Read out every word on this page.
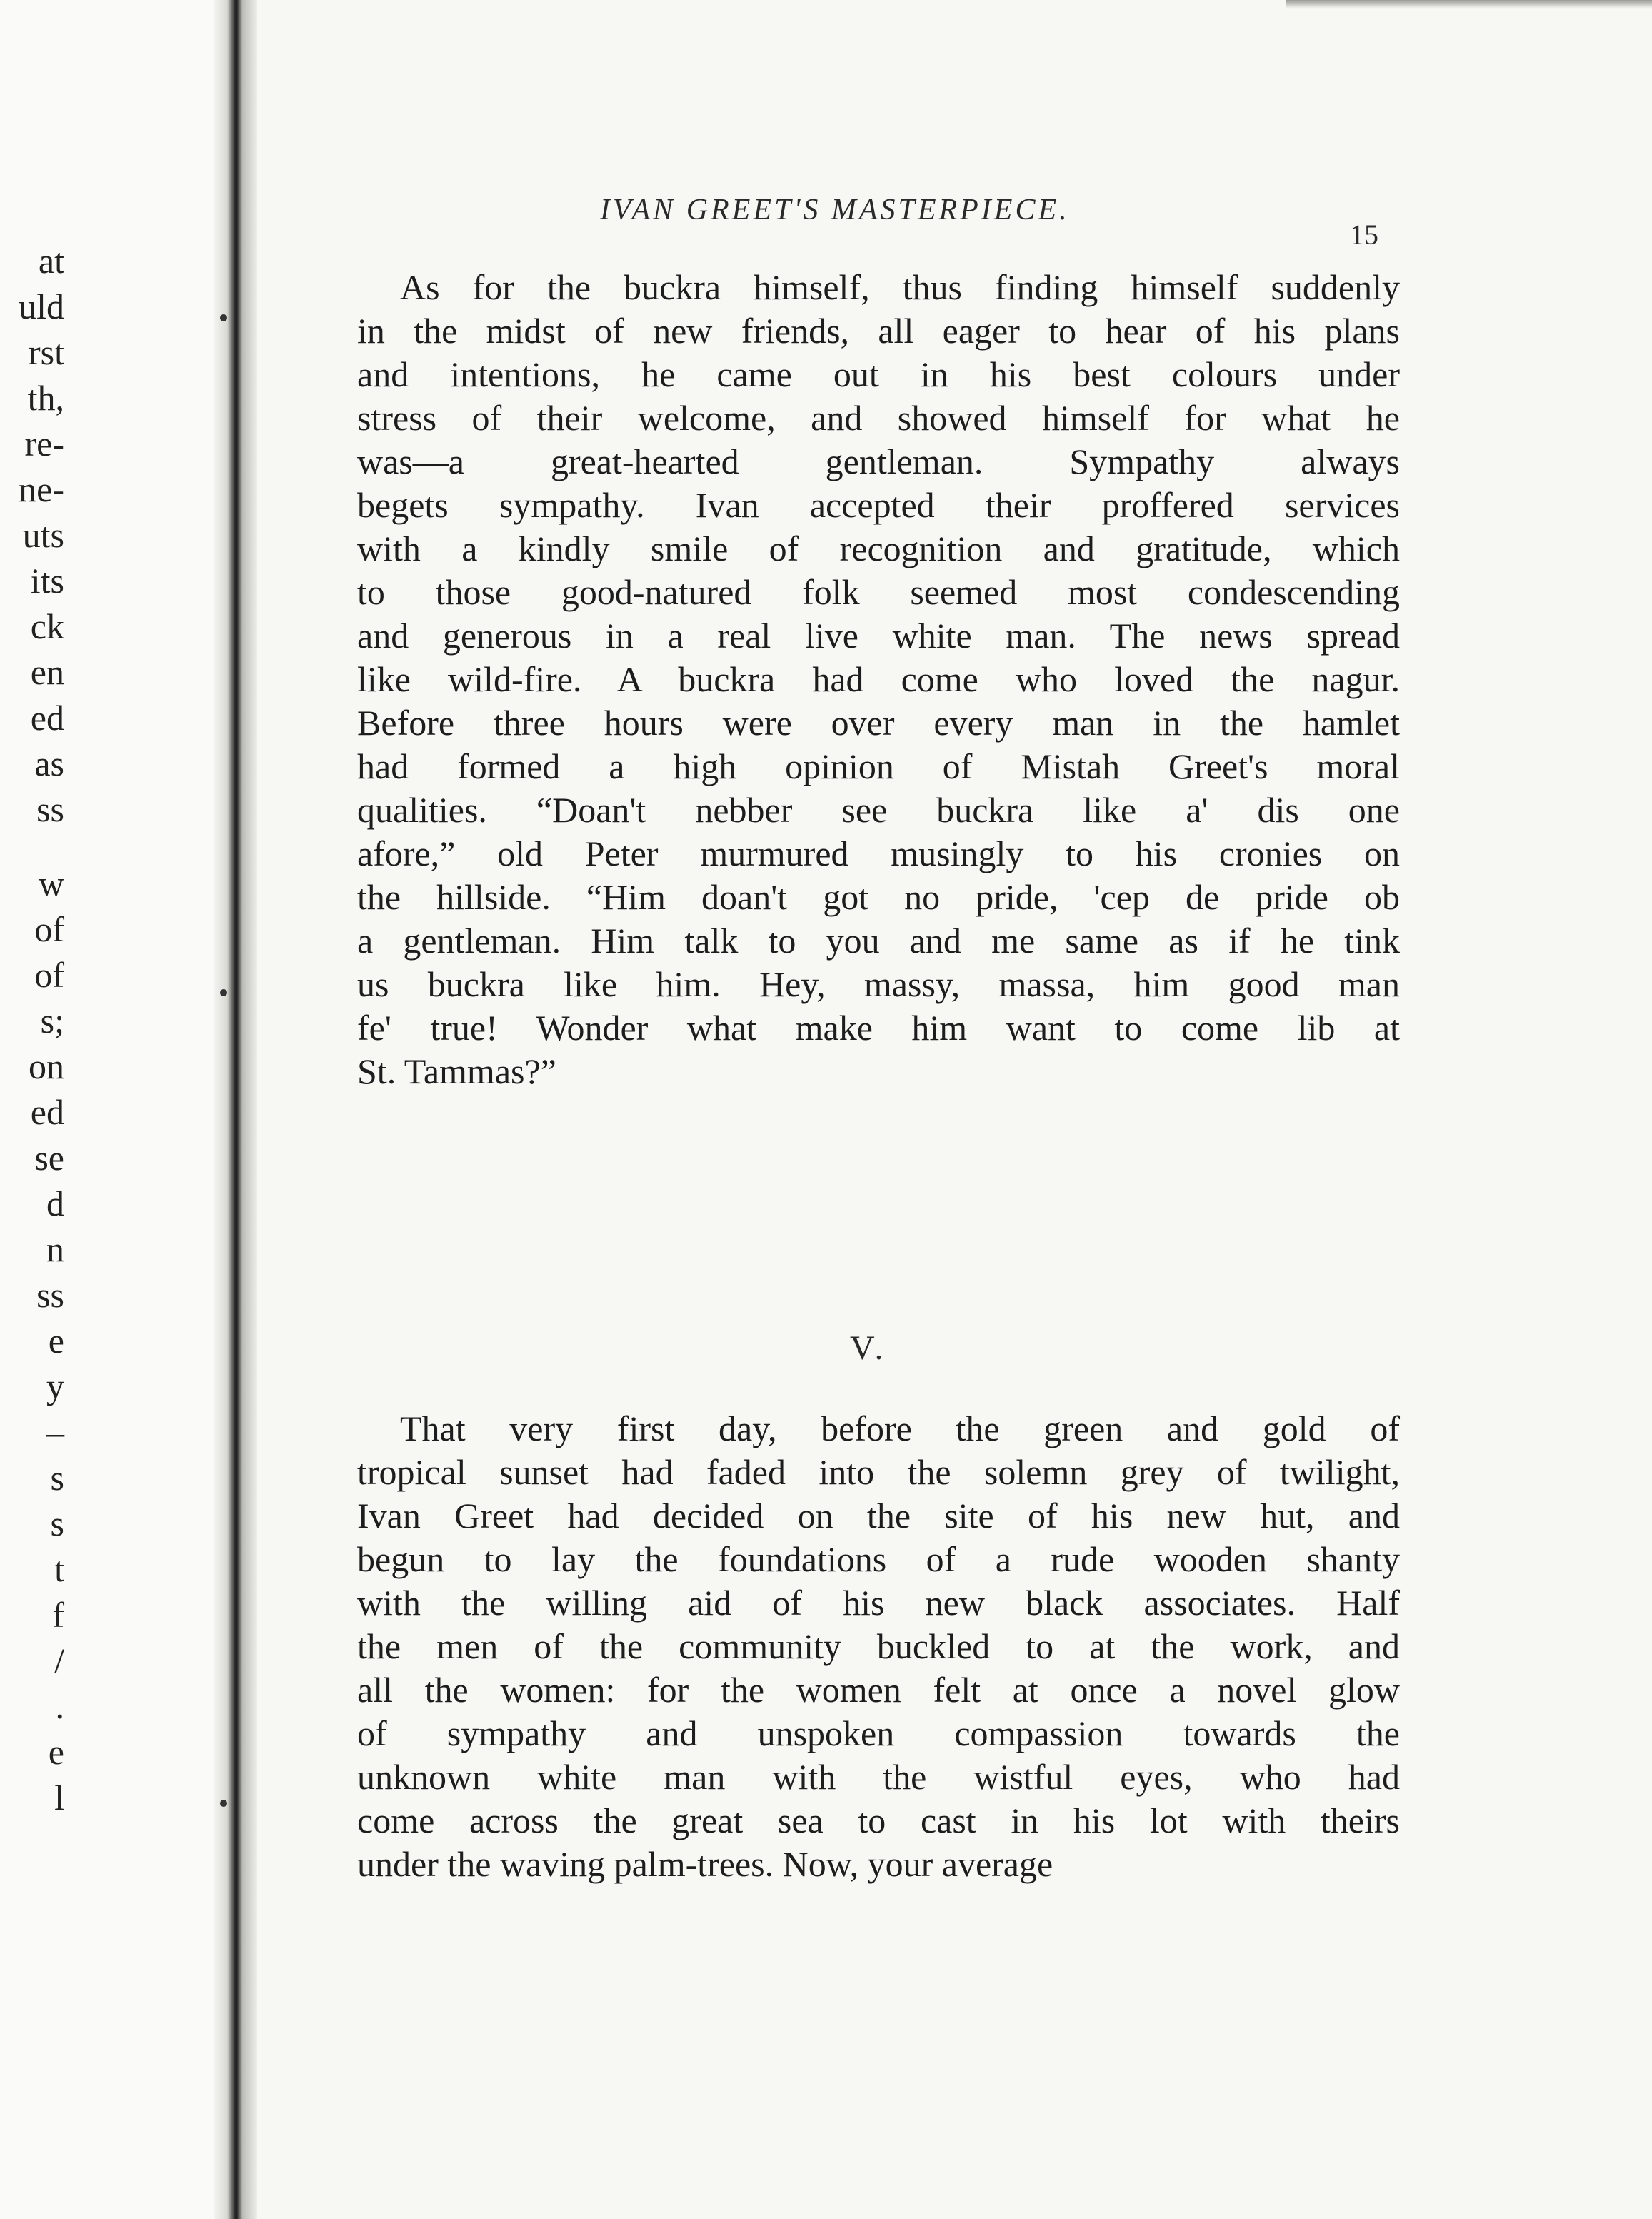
at
uld
rst
th,
re-
ne-
uts
its
ck
en
ed
as
ss
w
of
of
s;
on
ed
se
d
n
ss
e
y
–
s
s
t
f
/
.
e
l
IVAN GREET'S MASTERPIECE.
15
As for the buckra himself, thus finding himself suddenly
in the midst of new friends, all eager to hear of his plans
and intentions, he came out in his best colours under
stress of their welcome, and showed himself for what he
was—a great-hearted gentleman. Sympathy always
begets sympathy. Ivan accepted their proffered services
with a kindly smile of recognition and gratitude, which
to those good-natured folk seemed most condescending
and generous in a real live white man. The news spread
like wild-fire. A buckra had come who loved the nagur.
Before three hours were over every man in the hamlet
had formed a high opinion of Mistah Greet's moral
qualities. “Doan't nebber see buckra like a' dis one
afore,” old Peter murmured musingly to his cronies on
the hillside. “Him doan't got no pride, 'cep de pride ob
a gentleman. Him talk to you and me same as if he tink
us buckra like him. Hey, massy, massa, him good man
fe' true! Wonder what make him want to come lib at
St. Tammas?”
V.
That very first day, before the green and gold of
tropical sunset had faded into the solemn grey of twilight,
Ivan Greet had decided on the site of his new hut, and
begun to lay the foundations of a rude wooden shanty
with the willing aid of his new black associates. Half
the men of the community buckled to at the work, and
all the women: for the women felt at once a novel glow
of sympathy and unspoken compassion towards the
unknown white man with the wistful eyes, who had
come across the great sea to cast in his lot with theirs
under the waving palm-trees. Now, your average
